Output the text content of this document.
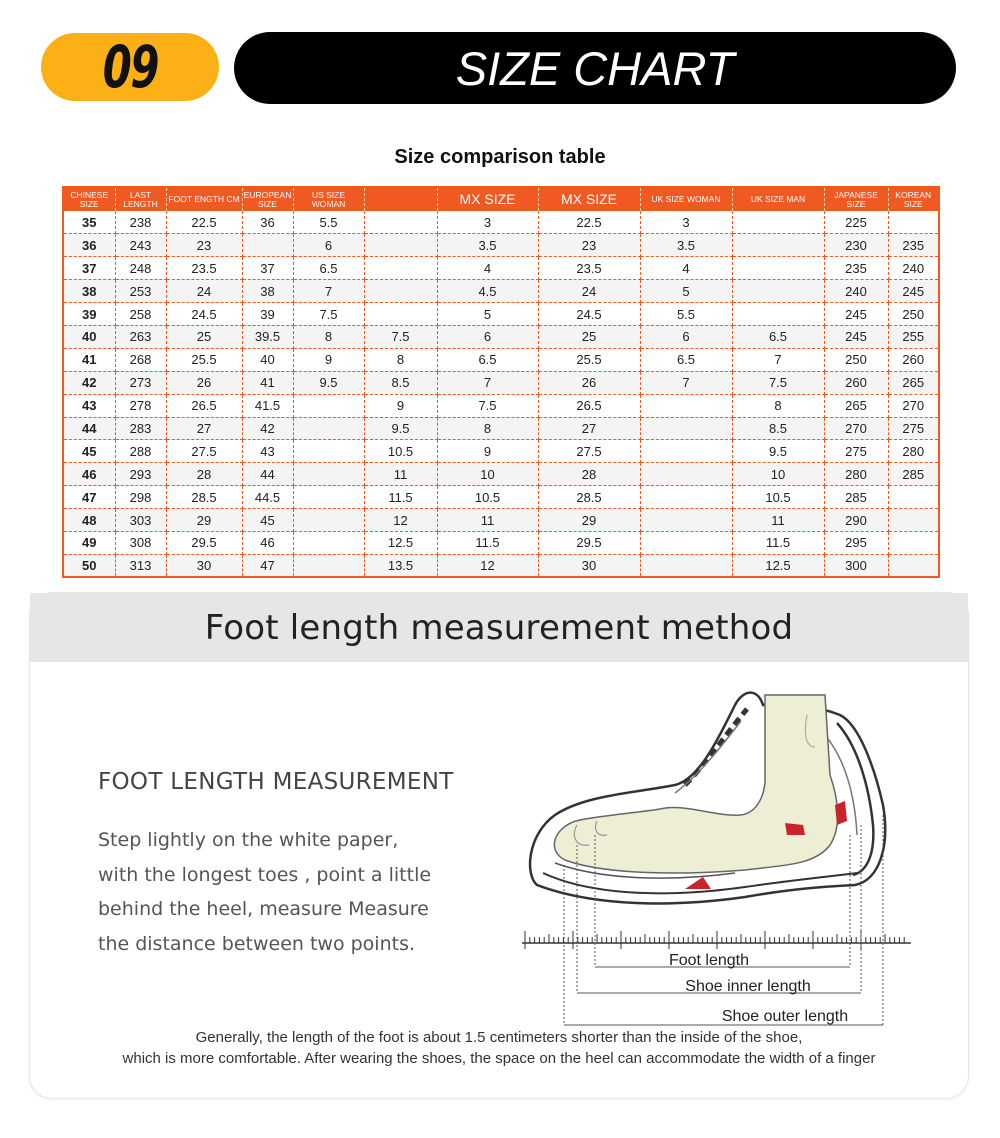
09	SIZE CHART
Size comparison table
CHINESE SIZE	LAST LENGTH	FOOT ENGTH CM	EUROPEAN SIZE	US SIZE WOMAN		MX SIZE	MX SIZE	UK SIZE WOMAN	UK SIZE MAN	JAPANESE SIZE	KOREAN SIZE
35	238	22.5	36	5.5		3	22.5	3		225	
36	243	23		6		3.5	23	3.5		230	235
37	248	23.5	37	6.5		4	23.5	4		235	240
38	253	24	38	7		4.5	24	5		240	245
39	258	24.5	39	7.5		5	24.5	5.5		245	250
40	263	25	39.5	8	7.5	6	25	6	6.5	245	255
41	268	25.5	40	9	8	6.5	25.5	6.5	7	250	260
42	273	26	41	9.5	8.5	7	26	7	7.5	260	265
43	278	26.5	41.5		9	7.5	26.5		8	265	270
44	283	27	42		9.5	8	27		8.5	270	275
45	288	27.5	43		10.5	9	27.5		9.5	275	280
46	293	28	44		11	10	28		10	280	285
47	298	28.5	44.5		11.5	10.5	28.5		10.5	285	
48	303	29	45		12	11	29		11	290	
49	308	29.5	46		12.5	11.5	29.5		11.5	295	
50	313	30	47		13.5	12	30		12.5	300	
Foot length measurement method
FOOT LENGTH MEASUREMENT
Step lightly on the white paper,
with the longest toes , point a little
behind the heel, measure Measure
the distance between two points.
Foot length
Shoe inner length
Shoe outer length
Generally, the length of the foot is about 1.5 centimeters shorter than the inside of the shoe,
which is more comfortable. After wearing the shoes, the space on the heel can accommodate the width of a finger
